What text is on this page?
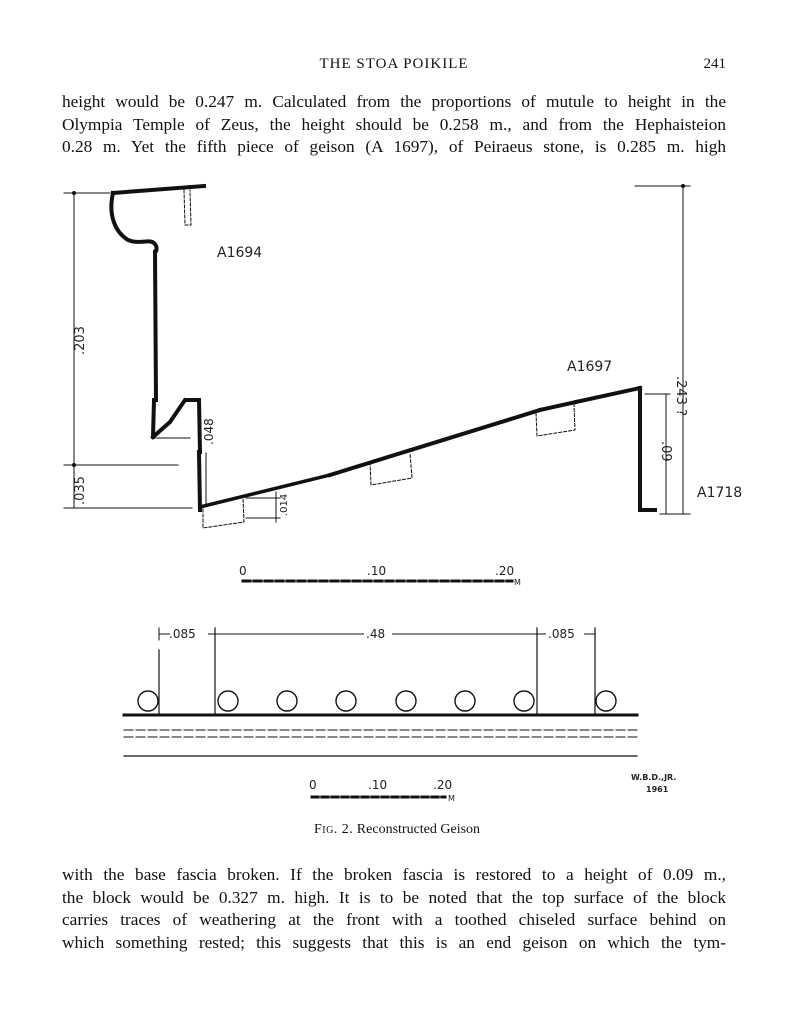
THE STOA POIKILE	241

height would be 0.247 m. Calculated from the proportions of mutule to height in the
Olympia Temple of Zeus, the height should be 0.258 m., and from the Hephaisteion
0.28 m. Yet the fifth piece of geison (A 1697), of Peiraeus stone, is 0.285 m. high

A1694
A1697
A1718
.203
.035
.048
.014
.243 ?
.09
.085	.48	.085
0	.10	.20
M
0	.10	.20
M
W.B.D.,JR.
1961
Fig. 2. Reconstructed Geison

with the base fascia broken. If the broken fascia is restored to a height of 0.09 m.,
the block would be 0.327 m. high. It is to be noted that the top surface of the block
carries traces of weathering at the front with a toothed chiseled surface behind on
which something rested; this suggests that this is an end geison on which the tym-
